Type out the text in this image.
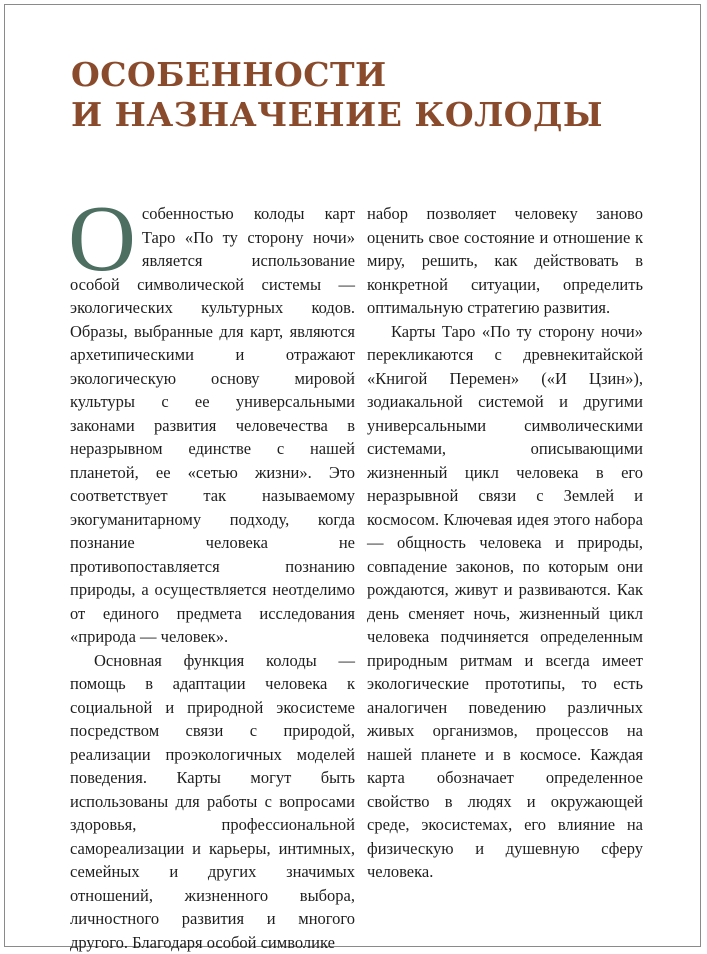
ОСОБЕННОСТИ
И НАЗНАЧЕНИЕ КОЛОДЫ

Особенностью колоды карт Таро «По ту сторону ночи» является использование особой символической системы — экологических культурных кодов. Образы, выбранные для карт, являются архетипическими и отражают экологическую основу мировой культуры с ее универсальными законами развития человечества в неразрывном единстве с нашей планетой, ее «сетью жизни». Это соответствует так называемому экогуманитарному подходу, когда познание человека не противопоставляется познанию природы, а осуществляется неотделимо от единого предмета исследования «природа — человек».

Основная функция колоды — помощь в адаптации человека к социальной и природной экосистеме посредством связи с природой, реализации проэкологичных моделей поведения. Карты могут быть использованы для работы с вопросами здоровья, профессиональной самореализации и карьеры, интимных, семейных и других значимых отношений, жизненного выбора, личностного развития и многого другого. Благодаря особой символике

набор позволяет человеку заново оценить свое состояние и отношение к миру, решить, как действовать в конкретной ситуации, определить оптимальную стратегию развития.

Карты Таро «По ту сторону ночи» перекликаются с древнекитайской «Книгой Перемен» («И Цзин»), зодиакальной системой и другими универсальными символическими системами, описывающими жизненный цикл человека в его неразрывной связи с Землей и космосом. Ключевая идея этого набора — общность человека и природы, совпадение законов, по которым они рождаются, живут и развиваются. Как день сменяет ночь, жизненный цикл человека подчиняется определенным природным ритмам и всегда имеет экологические прототипы, то есть аналогичен поведению различных живых организмов, процессов на нашей планете и в космосе. Каждая карта обозначает определенное свойство в людях и окружающей среде, экосистемах, его влияние на физическую и душевную сферу человека.
